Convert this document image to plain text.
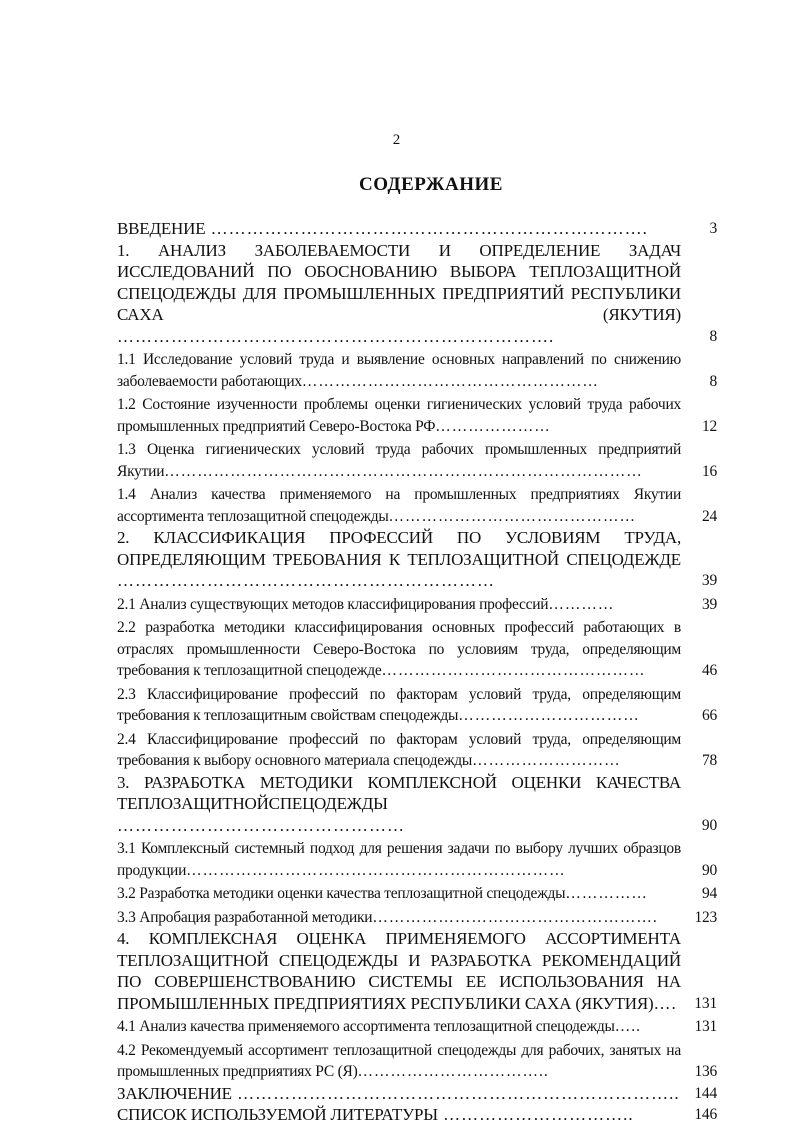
2
СОДЕРЖАНИЕ
ВВЕДЕНИЕ ……………………………………………………………….	3
1. АНАЛИЗ ЗАБОЛЕВАЕМОСТИ И ОПРЕДЕЛЕНИЕ ЗАДАЧ ИССЛЕДОВАНИЙ ПО ОБОСНОВАНИЮ ВЫБОРА ТЕПЛОЗАЩИТНОЙ СПЕЦОДЕЖДЫ ДЛЯ ПРОМЫШЛЕННЫХ ПРЕДПРИЯТИЙ РЕСПУБЛИКИ САХА (ЯКУТИЯ) ……………………………………………………………….	8
1.1 Исследование условий труда и выявление основных направлений по снижению заболеваемости работающих………………………………………………	8
1.2 Состояние изученности проблемы оценки гигиенических условий труда рабочих промышленных предприятий Северо-Востока РФ…………………	12
1.3 Оценка гигиенических условий труда рабочих промышленных предприятий Якутии……………………………………………………………………………	16
1.4 Анализ качества применяемого на промышленных предприятиях Якутии ассортимента теплозащитной спецодежды………………………………………	24
2. КЛАССИФИКАЦИЯ ПРОФЕССИЙ ПО УСЛОВИЯМ ТРУДА, ОПРЕДЕЛЯЮЩИМ ТРЕБОВАНИЯ К ТЕПЛОЗАЩИТНОЙ СПЕЦОДЕЖДЕ ………………………………………………………	39
2.1 Анализ существующих методов классифицирования профессий…………	39
2.2 разработка методики классифицирования основных профессий работающих в отраслях промышленности Северо-Востока по условиям труда, определяющим требования к теплозащитной спецодежде…………………………………………	46
2.3 Классифицирование профессий по факторам условий труда, определяющим требования к теплозащитным свойствам спецодежды……………………………	66
2.4 Классифицирование профессий по факторам условий труда, определяющим требования к выбору основного материала спецодежды………………………	78
3. РАЗРАБОТКА МЕТОДИКИ КОМПЛЕКСНОЙ ОЦЕНКИ КАЧЕСТВА ТЕПЛОЗАЩИТНОЙСПЕЦОДЕЖДЫ …………………………………………	90
3.1 Комплексный системный подход для решения задачи по выбору лучших образцов продукции……………………………………………………………	90
3.2 Разработка методики оценки качества теплозащитной спецодежды……………	94
3.3 Апробация разработанной методики…………………………………………….	123
4. КОМПЛЕКСНАЯ ОЦЕНКА ПРИМЕНЯЕМОГО АССОРТИМЕНТА ТЕПЛОЗАЩИТНОЙ СПЕЦОДЕЖДЫ И РАЗРАБОТКА РЕКОМЕНДАЦИЙ ПО СОВЕРШЕНСТВОВАНИЮ СИСТЕМЫ ЕЕ ИСПОЛЬЗОВАНИЯ НА ПРОМЫШЛЕННЫХ ПРЕДПРИЯТИЯХ РЕСПУБЛИКИ САХА (ЯКУТИЯ)….	131
4.1 Анализ качества применяемого ассортимента теплозащитной спецодежды…..	131
4.2 Рекомендуемый ассортимент теплозащитной спецодежды для рабочих, занятых на промышленных предприятиях РС (Я)……………………………..	136
ЗАКЛЮЧЕНИЕ ……………………………………………………………….. 144
СПИСОК ИСПОЛЬЗУЕМОЙ ЛИТЕРАТУРЫ …………………………..	146
